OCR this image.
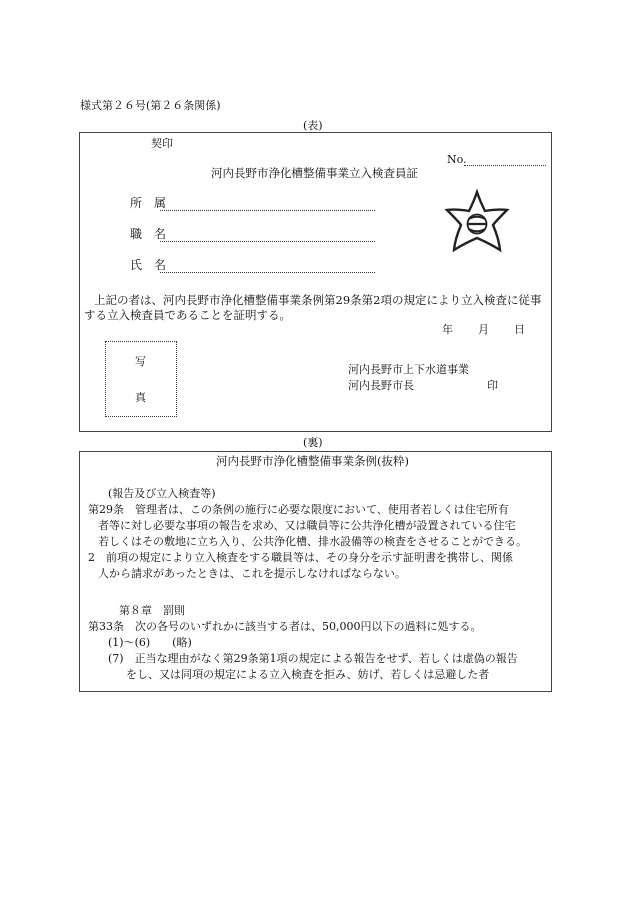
様式第２６号(第２６条関係)
(表)
契印
No.
河内長野市浄化槽整備事業立入検査員証
所　属
職　名
氏　名
上記の者は、河内長野市浄化槽整備事業条例第29条第2項の規定により立入検査に従事
する立入検査員であることを証明する。
年 月 日
写
真
河内長野市上下水道事業
河内長野市長	印
(裏)
河内長野市浄化槽整備事業条例(抜粋)
(報告及び立入検査等)
第29条　管理者は、この条例の施行に必要な限度において、使用者若しくは住宅所有
者等に対し必要な事項の報告を求め、又は職員等に公共浄化槽が設置されている住宅
若しくはその敷地に立ち入り、公共浄化槽、排水設備等の検査をさせることができる。
2　前項の規定により立入検査をする職員等は、その身分を示す証明書を携帯し、関係
人から請求があったときは、これを提示しなければならない。
第８章　罰則
第33条　次の各号のいずれかに該当する者は、50,000円以下の過料に処する。
(1)～(6)　　(略)
(7)　正当な理由がなく第29条第1項の規定による報告をせず、若しくは虚偽の報告
をし、又は同項の規定による立入検査を拒み、妨げ、若しくは忌避した者
